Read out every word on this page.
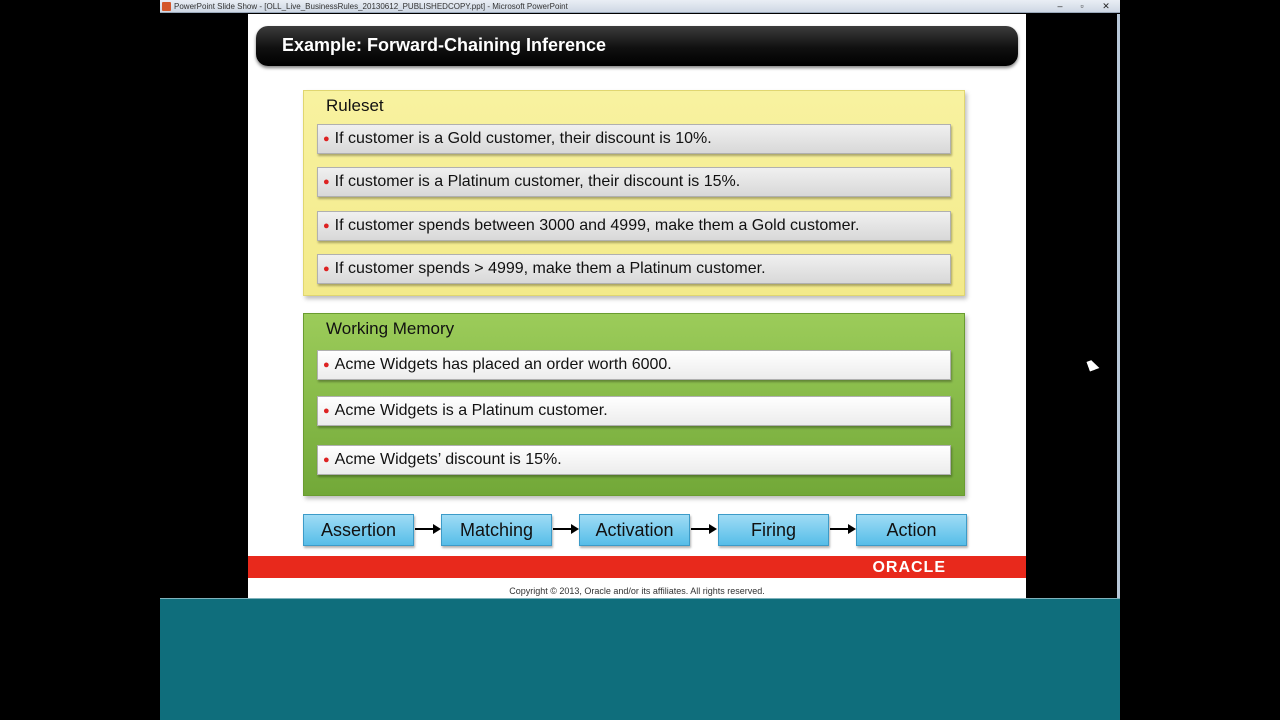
PowerPoint Slide Show - [OLL_Live_BusinessRules_20130612_PUBLISHEDCOPY.ppt] - Microsoft PowerPoint	–	▫	✕
Example: Forward-Chaining Inference
Ruleset
● If customer is a Gold customer, their discount is 10%.
● If customer is a Platinum customer, their discount is 15%.
● If customer spends between 3000 and 4999, make them a Gold customer.
● If customer spends > 4999, make them a Platinum customer.
Working Memory
● Acme Widgets has placed an order worth 6000.
● Acme Widgets is a Platinum customer.
● Acme Widgets’ discount is 15%.
Assertion	Matching	Activation	Firing	Action
ORACLE
Copyright © 2013, Oracle and/or its affiliates. All rights reserved.
